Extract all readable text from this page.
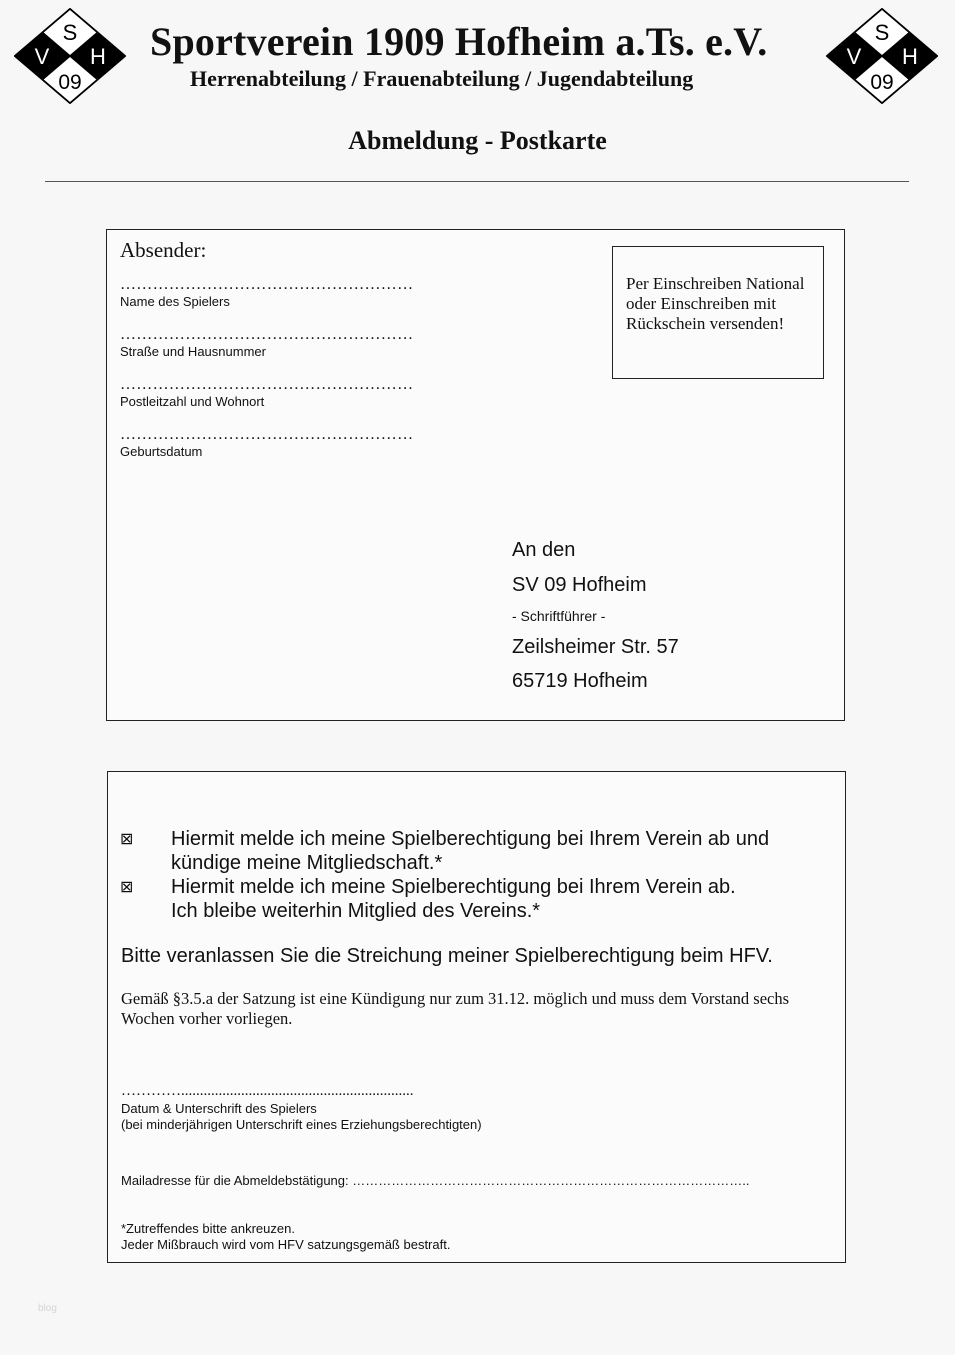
S
V H
09
S
V H
09
Sportverein 1909 Hofheim a.Ts. e.V.
Herrenabteilung / Frauenabteilung / Jugendabteilung
Abmeldung - Postkarte
Absender:
………………………………………………
Name des Spielers
………………………………………………
Straße und Hausnummer
………………………………………………
Postleitzahl und Wohnort
………………………………………………
Geburtsdatum
Per Einschreiben National oder Einschreiben mit Rückschein versenden!
An den
SV 09 Hofheim
- Schriftführer -
Zeilsheimer Str. 57
65719 Hofheim
⊠ Hiermit melde ich meine Spielberechtigung bei Ihrem Verein ab und kündige meine Mitgliedschaft.*
⊠ Hiermit melde ich meine Spielberechtigung bei Ihrem Verein ab.
Ich bleibe weiterhin Mitglied des Vereins.*
Bitte veranlassen Sie die Streichung meiner Spielberechtigung beim HFV.
Gemäß §3.5.a der Satzung ist eine Kündigung nur zum 31.12. möglich und muss dem Vorstand sechs Wochen vorher vorliegen.
…………..............................................................
Datum & Unterschrift des Spielers
(bei minderjährigen Unterschrift eines Erziehungsberechtigten)
Mailadresse für die Abmeldebstätigung: ………………………………………………………………………………..
*Zutreffendes bitte ankreuzen.
Jeder Mißbrauch wird vom HFV satzungsgemäß bestraft.
blog
